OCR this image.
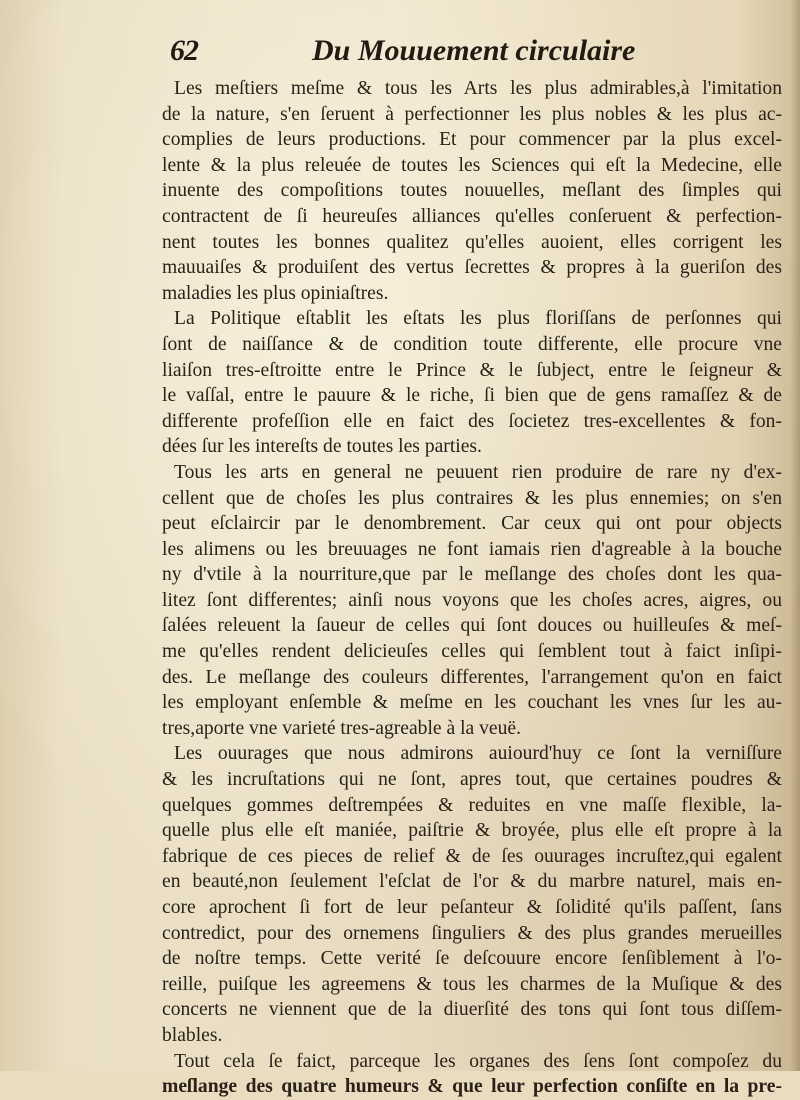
62	Du Mouuement circulaire
Les meſtiers meſme & tous les Arts les plus admirables,à l'imitation
de la nature, s'en ſeruent à perfectionner les plus nobles & les plus ac-
complies de leurs productions. Et pour commencer par la plus excel-
lente & la plus releuée de toutes les Sciences qui eſt la Medecine, elle
inuente des compoſitions toutes nouuelles, meſlant des ſimples qui
contractent de ſi heureuſes alliances qu'elles conſeruent & perfection-
nent toutes les bonnes qualitez qu'elles auoient, elles corrigent les
mauuaiſes & produiſent des vertus ſecrettes & propres à la gueriſon des
maladies les plus opiniaſtres.
La Politique eſtablit les eſtats les plus floriſſans de perſonnes qui
ſont de naiſſance & de condition toute differente, elle procure vne
liaiſon tres-eſtroitte entre le Prince & le ſubject, entre le ſeigneur &
le vaſſal, entre le pauure & le riche, ſi bien que de gens ramaſſez & de
differente profeſſion elle en faict des ſocietez tres-excellentes & fon-
dées ſur les intereſts de toutes les parties.
Tous les arts en general ne peuuent rien produire de rare ny d'ex-
cellent que de choſes les plus contraires & les plus ennemies; on s'en
peut eſclaircir par le denombrement. Car ceux qui ont pour objects
les alimens ou les breuuages ne font iamais rien d'agreable à la bouche
ny d'vtile à la nourriture,que par le meſlange des choſes dont les qua-
litez ſont differentes; ainſi nous voyons que les choſes acres, aigres, ou
ſalées releuent la ſaueur de celles qui ſont douces ou huilleuſes & meſ-
me qu'elles rendent delicieuſes celles qui ſemblent tout à faict inſipi-
des. Le meſlange des couleurs differentes, l'arrangement qu'on en faict
les employant enſemble & meſme en les couchant les vnes ſur les au-
tres,aporte vne varieté tres-agreable à la veuë.
Les ouurages que nous admirons auiourd'huy ce ſont la verniſſure
& les incruſtations qui ne ſont, apres tout, que certaines poudres &
quelques gommes deſtrempées & reduites en vne maſſe flexible, la-
quelle plus elle eſt maniée, paiſtrie & broyée, plus elle eſt propre à la
fabrique de ces pieces de relief & de ſes ouurages incruſtez,qui egalent
en beauté,non ſeulement l'eſclat de l'or & du marbre naturel, mais en-
core aprochent ſi fort de leur peſanteur & ſolidité qu'ils paſſent, ſans
contredict, pour des ornemens ſinguliers & des plus grandes merueilles
de noſtre temps. Cette verité ſe deſcouure encore ſenſiblement à l'o-
reille, puiſque les agreemens & tous les charmes de la Muſique & des
concerts ne viennent que de la diuerſité des tons qui ſont tous diſſem-
blables.
Tout cela ſe faict, parceque les organes des ſens ſont compoſez du
meſlange des quatre humeurs & que leur perfection conſiſte en la pre-
